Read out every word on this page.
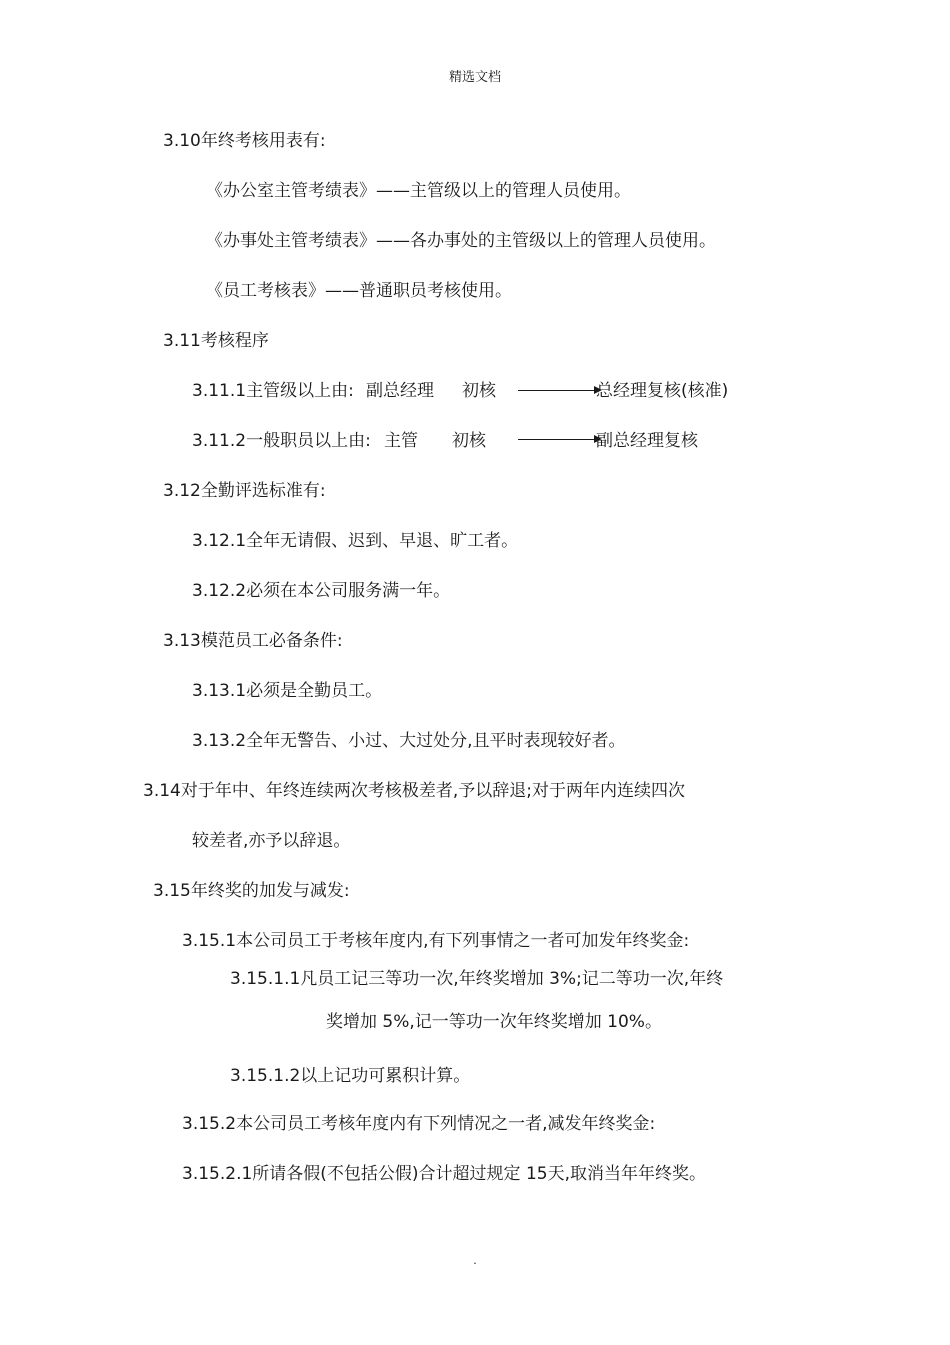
精选文档
3.10年终考核用表有:
《办公室主管考绩表》——主管级以上的管理人员使用。
《办事处主管考绩表》——各办事处的主管级以上的管理人员使用。
《员工考核表》——普通职员考核使用。
3.11考核程序
3.11.1主管级以上由: 副总经理 初核	总经理复核(核准)
3.11.2一般职员以上由: 主管 初核	副总经理复核
3.12全勤评选标准有:
3.12.1全年无请假、迟到、早退、旷工者。
3.12.2必须在本公司服务满一年。
3.13模范员工必备条件:
3.13.1必须是全勤员工。
3.13.2全年无警告、小过、大过处分,且平时表现较好者。
3.14对于年中、年终连续两次考核极差者,予以辞退;对于两年内连续四次
较差者,亦予以辞退。
3.15年终奖的加发与减发:
3.15.1本公司员工于考核年度内,有下列事情之一者可加发年终奖金:
3.15.1.1凡员工记三等功一次,年终奖增加 3%;记二等功一次,年终
奖增加 5%,记一等功一次年终奖增加 10%。
3.15.1.2以上记功可累积计算。
3.15.2本公司员工考核年度内有下列情况之一者,减发年终奖金:
3.15.2.1所请各假(不包括公假)合计超过规定 15天,取消当年年终奖。
.
